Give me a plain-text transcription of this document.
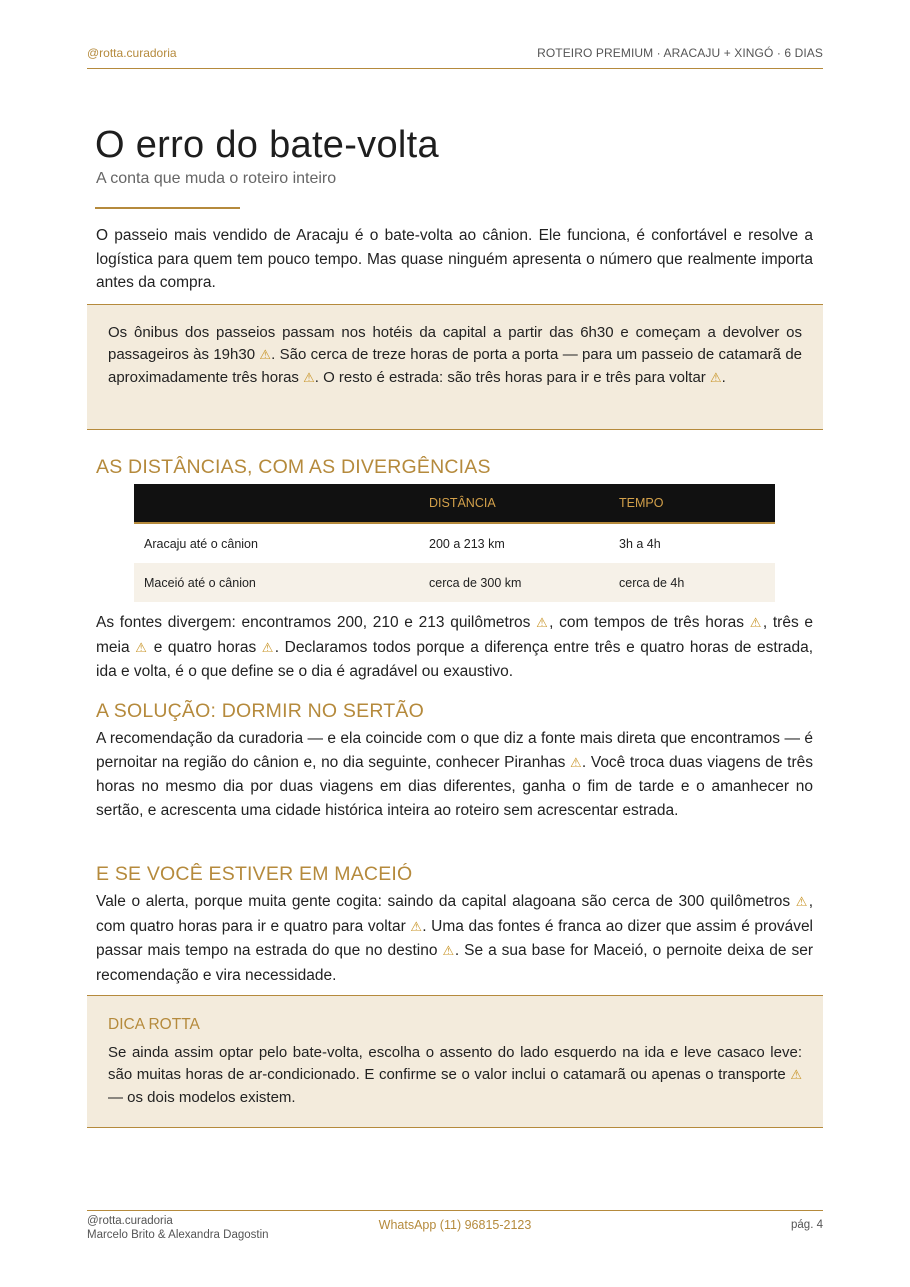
@rotta.curadoria	ROTEIRO PREMIUM · ARACAJU + XINGÓ · 6 DIAS
O erro do bate-volta
A conta que muda o roteiro inteiro

O passeio mais vendido de Aracaju é o bate-volta ao cânion. Ele funciona, é confortável e resolve a logística para quem tem pouco tempo. Mas quase ninguém apresenta o número que realmente importa antes da compra.

Os ônibus dos passeios passam nos hotéis da capital a partir das 6h30 e começam a devolver os passageiros às 19h30 ⚠. São cerca de treze horas de porta a porta — para um passeio de catamarã de aproximadamente três horas ⚠. O resto é estrada: são três horas para ir e três para voltar ⚠.

AS DISTÂNCIAS, COM AS DIVERGÊNCIAS
	DISTÂNCIA	TEMPO
Aracaju até o cânion	200 a 213 km	3h a 4h
Maceió até o cânion	cerca de 300 km	cerca de 4h

As fontes divergem: encontramos 200, 210 e 213 quilômetros ⚠, com tempos de três horas ⚠, três e meia ⚠ e quatro horas ⚠. Declaramos todos porque a diferença entre três e quatro horas de estrada, ida e volta, é o que define se o dia é agradável ou exaustivo.

A SOLUÇÃO: DORMIR NO SERTÃO

A recomendação da curadoria — e ela coincide com o que diz a fonte mais direta que encontramos — é pernoitar na região do cânion e, no dia seguinte, conhecer Piranhas ⚠. Você troca duas viagens de três horas no mesmo dia por duas viagens em dias diferentes, ganha o fim de tarde e o amanhecer no sertão, e acrescenta uma cidade histórica inteira ao roteiro sem acrescentar estrada.

E SE VOCÊ ESTIVER EM MACEIÓ

Vale o alerta, porque muita gente cogita: saindo da capital alagoana são cerca de 300 quilômetros ⚠, com quatro horas para ir e quatro para voltar ⚠. Uma das fontes é franca ao dizer que assim é provável passar mais tempo na estrada do que no destino ⚠. Se a sua base for Maceió, o pernoite deixa de ser recomendação e vira necessidade.

DICA ROTTA

Se ainda assim optar pelo bate-volta, escolha o assento do lado esquerdo na ida e leve casaco leve: são muitas horas de ar-condicionado. E confirme se o valor inclui o catamarã ou apenas o transporte ⚠ — os dois modelos existem.

@rotta.curadoria
Marcelo Brito & Alexandra Dagostin
WhatsApp (11) 96815-2123	pág. 4
